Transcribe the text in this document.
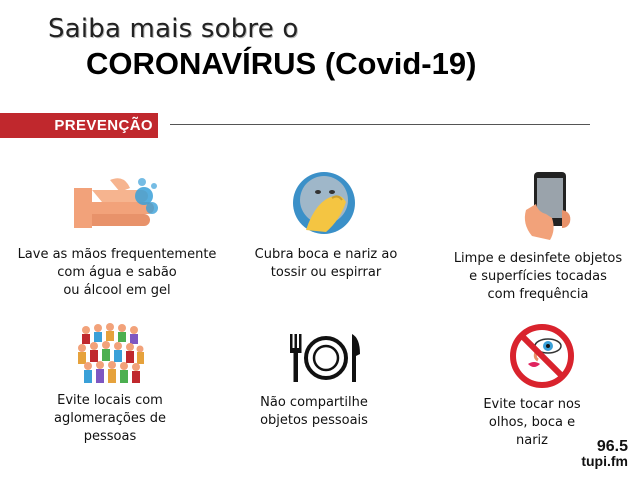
Saiba mais sobre o
CORONAVÍRUS (Covid-19)
PREVENÇÃO
Lave as mãos frequentemente
com água e sabão
ou álcool em gel
Cubra boca e nariz ao
tossir ou espirrar
Limpe e desinfete objetos
e superfícies tocadas
com frequência
Evite locais com
aglomerações de
pessoas
Não compartilhe
objetos pessoais
Evite tocar nos
olhos, boca e
nariz	96.5
tupi.fm
